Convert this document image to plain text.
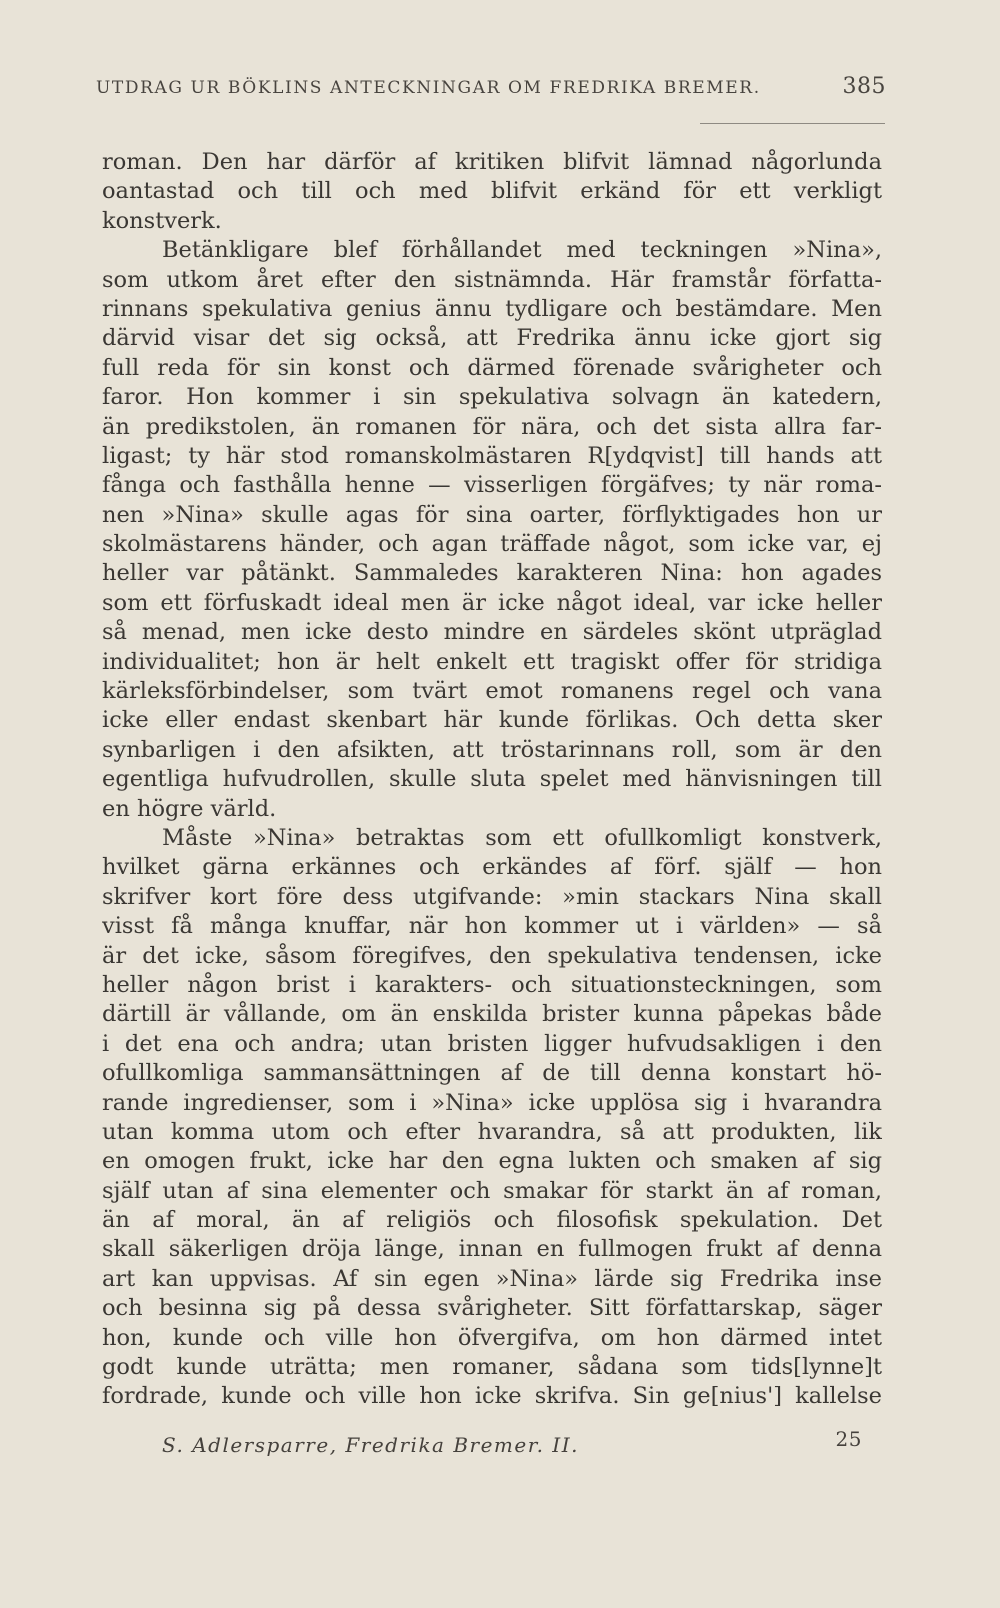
UTDRAG UR BÖKLINS ANTECKNINGAR OM FREDRIKA BREMER.	385
roman. Den har därför af kritiken blifvit lämnad någorlunda
oantastad och till och med blifvit erkänd för ett verkligt
konstverk.
Betänkligare blef förhållandet med teckningen »Nina»,
som utkom året efter den sistnämnda. Här framstår författa-
rinnans spekulativa genius ännu tydligare och bestämdare. Men
därvid visar det sig också, att Fredrika ännu icke gjort sig
full reda för sin konst och därmed förenade svårigheter och
faror. Hon kommer i sin spekulativa solvagn än katedern,
än predikstolen, än romanen för nära, och det sista allra far-
ligast; ty här stod romanskolmästaren R[ydqvist] till hands att
fånga och fasthålla henne — visserligen förgäfves; ty när roma-
nen »Nina» skulle agas för sina oarter, förflyktigades hon ur
skolmästarens händer, och agan träffade något, som icke var, ej
heller var påtänkt. Sammaledes karakteren Nina: hon agades
som ett förfuskadt ideal men är icke något ideal, var icke heller
så menad, men icke desto mindre en särdeles skönt utpräglad
individualitet; hon är helt enkelt ett tragiskt offer för stridiga
kärleksförbindelser, som tvärt emot romanens regel och vana
icke eller endast skenbart här kunde förlikas. Och detta sker
synbarligen i den afsikten, att tröstarinnans roll, som är den
egentliga hufvudrollen, skulle sluta spelet med hänvisningen till
en högre värld.
Måste »Nina» betraktas som ett ofullkomligt konstverk,
hvilket gärna erkännes och erkändes af förf. själf — hon
skrifver kort före dess utgifvande: »min stackars Nina skall
visst få många knuffar, när hon kommer ut i världen» — så
är det icke, såsom föregifves, den spekulativa tendensen, icke
heller någon brist i karakters- och situationsteckningen, som
därtill är vållande, om än enskilda brister kunna påpekas både
i det ena och andra; utan bristen ligger hufvudsakligen i den
ofullkomliga sammansättningen af de till denna konstart hö-
rande ingredienser, som i »Nina» icke upplösa sig i hvarandra
utan komma utom och efter hvarandra, så att produkten, lik
en omogen frukt, icke har den egna lukten och smaken af sig
själf utan af sina elementer och smakar för starkt än af roman,
än af moral, än af religiös och filosofisk spekulation. Det
skall säkerligen dröja länge, innan en fullmogen frukt af denna
art kan uppvisas. Af sin egen »Nina» lärde sig Fredrika inse
och besinna sig på dessa svårigheter. Sitt författarskap, säger
hon, kunde och ville hon öfvergifva, om hon därmed intet
godt kunde uträtta; men romaner, sådana som tids[lynne]t
fordrade, kunde och ville hon icke skrifva. Sin ge[nius'] kallelse
S. Adlersparre, Fredrika Bremer. II.	25
